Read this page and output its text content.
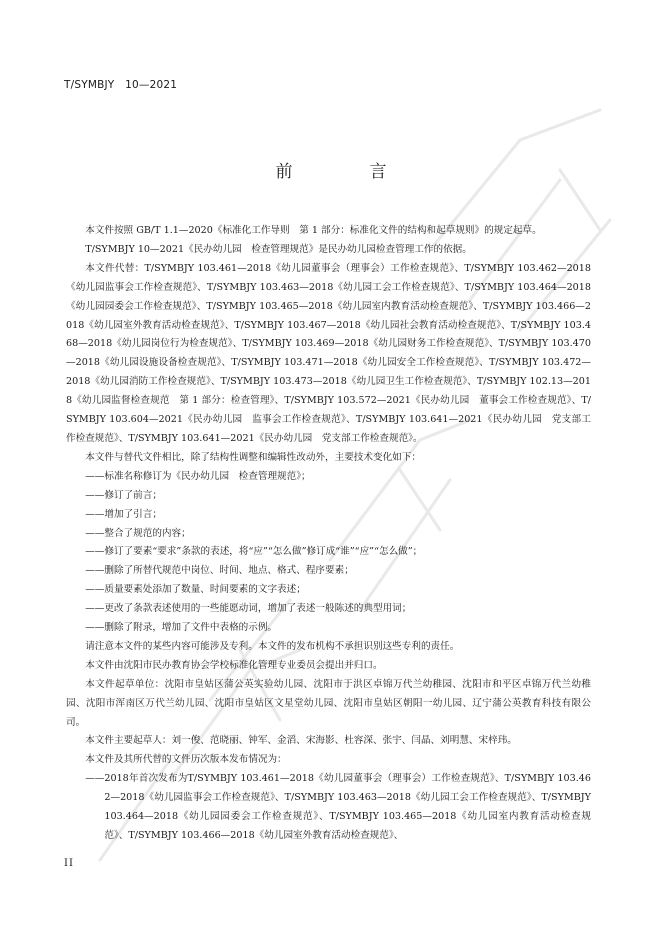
T/SYMBJY　10—2021
前　言

本文件按照 GB/T 1.1—2020《标准化工作导则　第 1 部分：标准化文件的结构和起草规则》的规定起草。

T/SYMBJY 10—2021《民办幼儿园　检查管理规范》是民办幼儿园检查管理工作的依据。

本文件代替：T/SYMBJY 103.461—2018《幼儿园董事会（理事会）工作检查规范》、T/SYMBJY 103.462—2018《幼儿园监事会工作检查规范》、T/SYMBJY 103.463—2018《幼儿园工会工作检查规范》、T/SYMBJY 103.464—2018《幼儿园园委会工作检查规范》、T/SYMBJY 103.465—2018《幼儿园室内教育活动检查规范》、T/SYMBJY 103.466—2018《幼儿园室外教育活动检查规范》、T/SYMBJY 103.467—2018《幼儿园社会教育活动检查规范》、T/SYMBJY 103.468—2018《幼儿园岗位行为检查规范》、T/SYMBJY 103.469—2018《幼儿园财务工作检查规范》、T/SYMBJY 103.470—2018《幼儿园设施设备检查规范》、T/SYMBJY 103.471—2018《幼儿园安全工作检查规范》、T/SYMBJY 103.472—2018《幼儿园消防工作检查规范》、T/SYMBJY 103.473—2018《幼儿园卫生工作检查规范》、T/SYMBJY 102.13—2018《幼儿园监督检查规范　第 1 部分：检查管理》、T/SYMBJY 103.572—2021《民办幼儿园　董事会工作检查规范》、T/SYMBJY 103.604—2021《民办幼儿园　监事会工作检查规范》、T/SYMBJY 103.641—2021《民办幼儿园　党支部工作检查规范》、T/SYMBJY 103.641—2021《民办幼儿园　党支部工作检查规范》。

本文件与替代文件相比，除了结构性调整和编辑性改动外，主要技术变化如下：

——标准名称修订为《民办幼儿园　检查管理规范》；

——修订了前言；

——增加了引言；

——整合了规范的内容；

——修订了要素“要求”条款的表述，将“应”“怎么做”修订成“谁”“应”“怎么做”；

——删除了所替代规范中岗位、时间、地点、格式、程序要素；

——质量要素处添加了数量、时间要素的文字表述；

——更改了条款表述使用的一些能愿动词，增加了表述一般陈述的典型用词；

——删除了附录，增加了文件中表格的示例。

请注意本文件的某些内容可能涉及专利。本文件的发布机构不承担识别这些专利的责任。

本文件由沈阳市民办教育协会学校标准化管理专业委员会提出并归口。

本文件起草单位：沈阳市皇姑区蒲公英实验幼儿园、沈阳市于洪区卓锦万代兰幼稚园、沈阳市和平区卓锦万代兰幼稚园、沈阳市浑南区万代兰幼儿园、沈阳市皇姑区文星堂幼儿园、沈阳市皇姑区朝阳一幼儿园、辽宁蒲公英教育科技有限公司。

本文件主要起草人：刘一俊、范晓丽、钟军、金滔、宋海影、杜容深、张宇、闫晶、刘明慧、宋梓玮。

本文件及其所代替的文件历次版本发布情况为：

——2018年首次发布为T/SYMBJY 103.461—2018《幼儿园董事会（理事会）工作检查规范》、T/SYMBJY 103.462—2018《幼儿园监事会工作检查规范》、T/SYMBJY 103.463—2018《幼儿园工会工作检查规范》、T/SYMBJY 103.464—2018《幼儿园园委会工作检查规范》、T/SYMBJY 103.465—2018《幼儿园室内教育活动检查规范》、T/SYMBJY 103.466—2018《幼儿园室外教育活动检查规范》、

II
